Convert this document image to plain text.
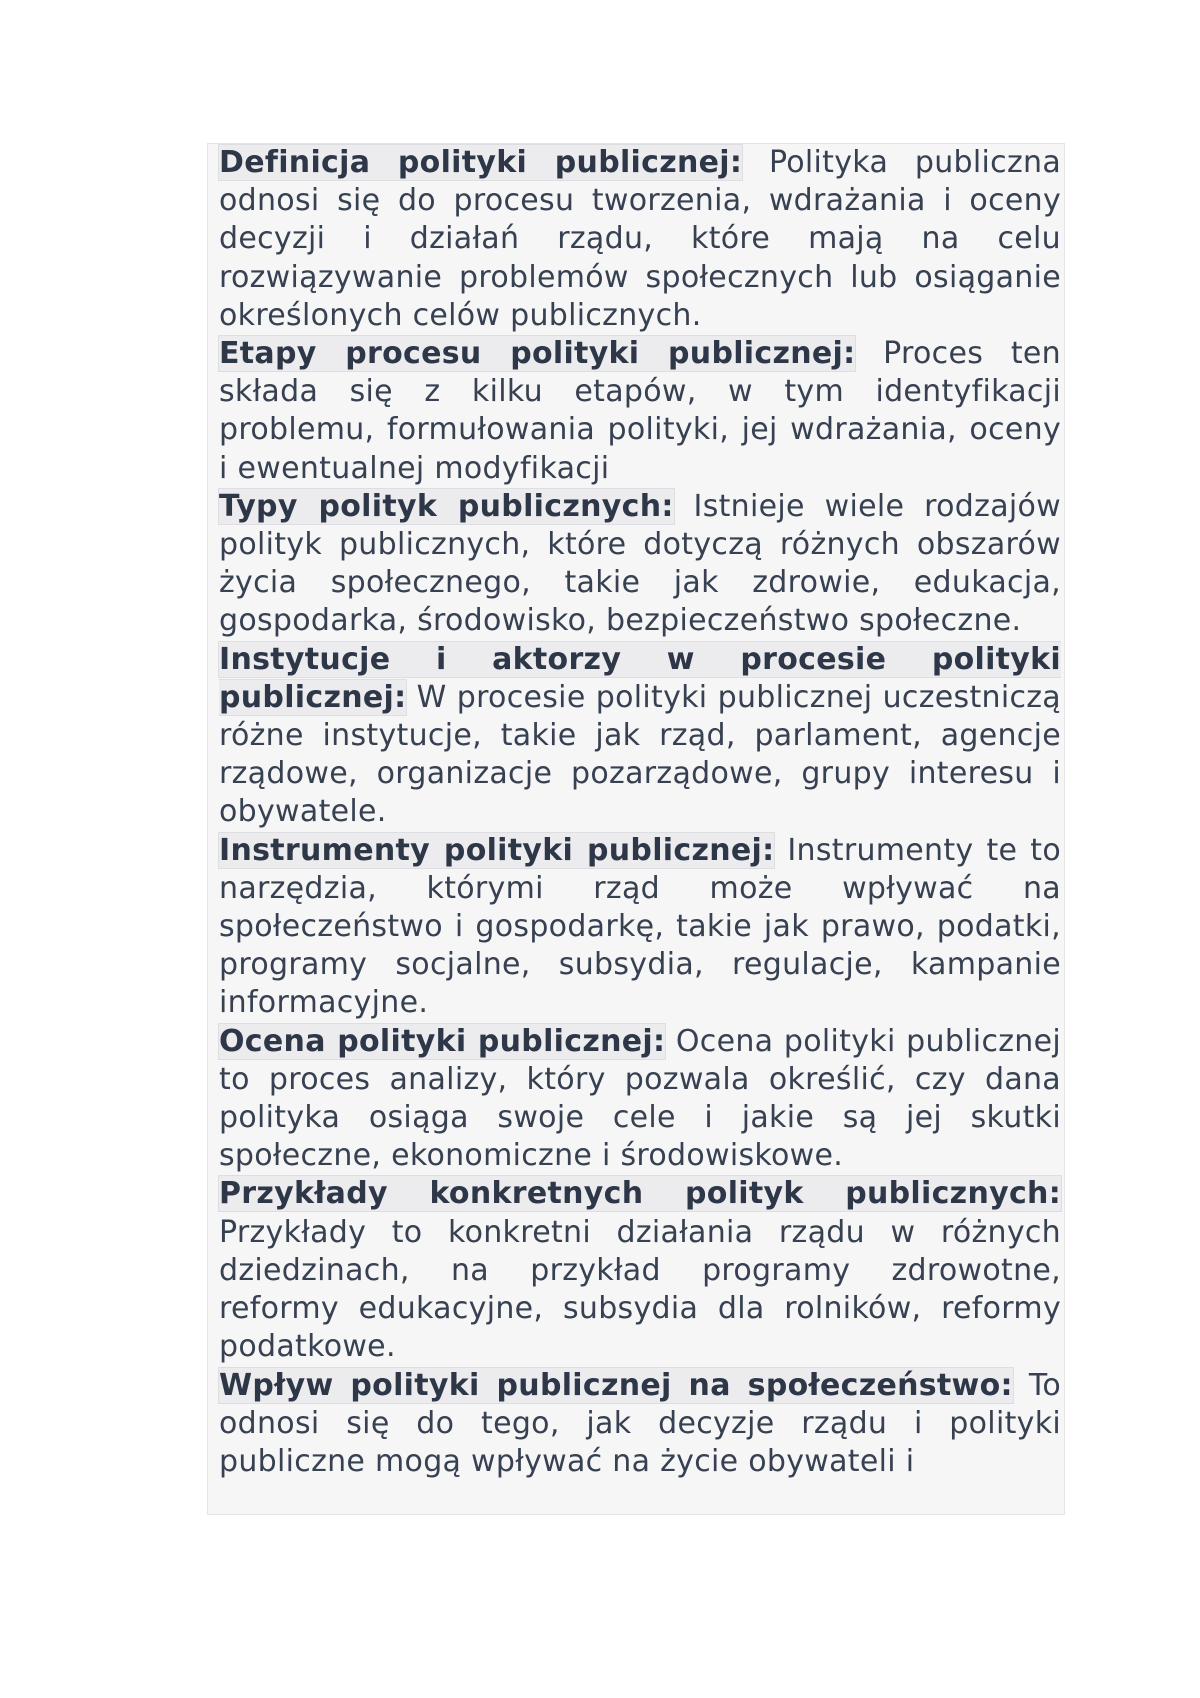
Definicja polityki publicznej: Polityka publiczna odnosi się do procesu tworzenia, wdrażania i oceny decyzji i działań rządu, które mają na celu rozwiązywanie problemów społecznych lub osiąganie określonych celów publicznych.

Etapy procesu polityki publicznej: Proces ten składa się z kilku etapów, w tym identyfikacji problemu, formułowania polityki, jej wdrażania, oceny i ewentualnej modyfikacji

Typy polityk publicznych: Istnieje wiele rodzajów polityk publicznych, które dotyczą różnych obszarów życia społecznego, takie jak zdrowie, edukacja, gospodarka, środowisko, bezpieczeństwo społeczne.

Instytucje i aktorzy w procesie polityki publicznej: W procesie polityki publicznej uczestniczą różne instytucje, takie jak rząd, parlament, agencje rządowe, organizacje pozarządowe, grupy interesu i obywatele.

Instrumenty polityki publicznej: Instrumenty te to narzędzia, którymi rząd może wpływać na społeczeństwo i gospodarkę, takie jak prawo, podatki, programy socjalne, subsydia, regulacje, kampanie informacyjne.

Ocena polityki publicznej: Ocena polityki publicznej to proces analizy, który pozwala określić, czy dana polityka osiąga swoje cele i jakie są jej skutki społeczne, ekonomiczne i środowiskowe.

Przykłady konkretnych polityk publicznych: Przykłady to konkretni działania rządu w różnych dziedzinach, na przykład programy zdrowotne, reformy edukacyjne, subsydia dla rolników, reformy podatkowe.

Wpływ polityki publicznej na społeczeństwo: To odnosi się do tego, jak decyzje rządu i polityki publiczne mogą wpływać na życie obywateli i
